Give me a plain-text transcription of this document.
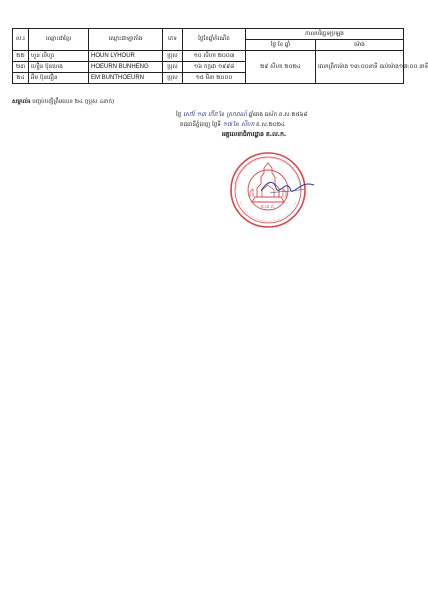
ល.រ	ឈ្មោះជាខ្មែរ	ឈ្មោះជាឡាតាំង	ភេទ	ថ្ងៃខែឆ្នាំកំណើត	កាលបរិច្ឆេទប្រឡង	
					ថ្ងៃ ខែ ឆ្នាំ	ម៉ោង
២២	ហួន លីហួរ	HOUN LYHOUR	ប្រុស	១០ សីហា ២០០៣	២៩ សីហា ២០២៤	វេលាព្រឹកម៉ោង ១៣:០០នាទី ដល់ម៉ោង១៧:០០ នាទី
២៣	ហឿន ប៊ុនហេង	HOEURN BUNHENG	ប្រុស	១៦ កក្កដា ១៩៩៨		
២៤	អឹម ប៊ុនធឿន	EM BUNTHOEURN	ប្រុស	១៥ មីនា ២០០០		
សម្គាល់៖ បញ្ចប់បញ្ជីត្រឹមលេខ ២៤ (ប្រុស ៤នាក់)
ថ្ងៃ សៅរ៍ ១៣ កើត ខែ ស្រាពណ៍ ឆ្នាំរោង ឆស័ក ព.ស.២៥៦៨
រាជធានីភ្នំពេញ ថ្ងៃទី ១៧ ខែ សីហា គ.ស.២០២៤
អគ្គលេខាធិការដ្ឋាន គ.ល.ក.
គ.ល.ក.
